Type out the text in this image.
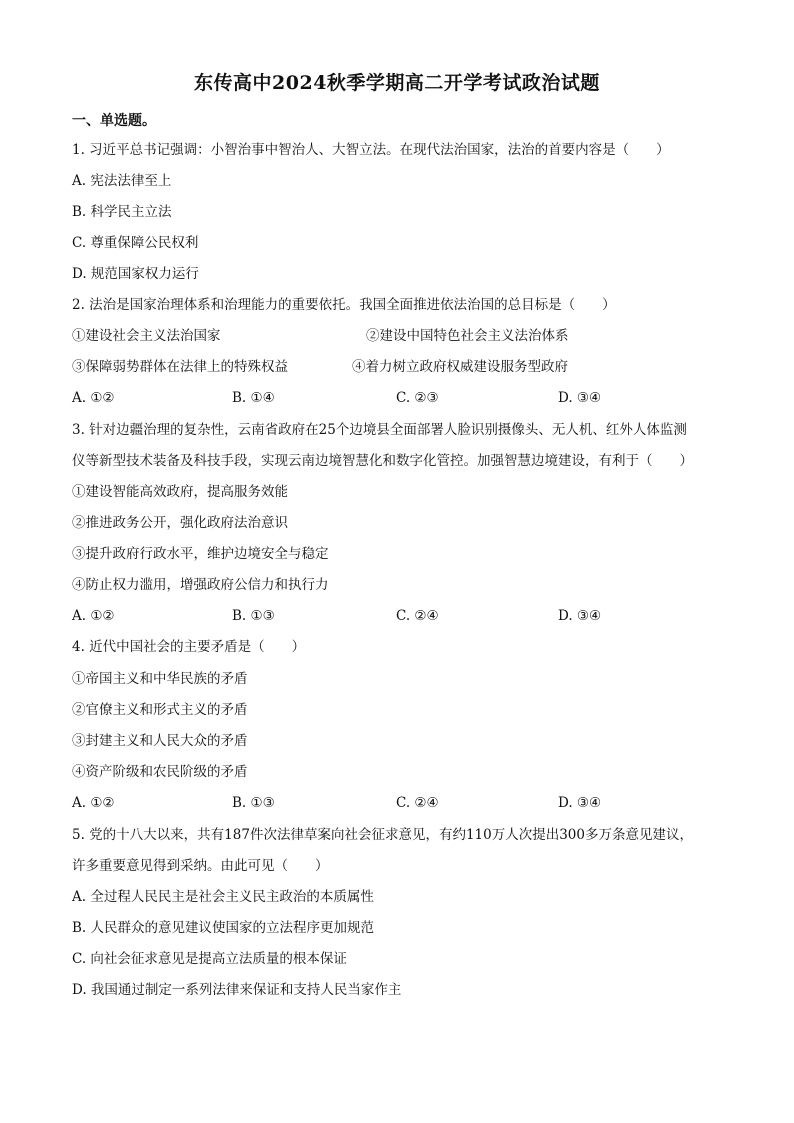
东传高中2024秋季学期高二开学考试政治试题
一、单选题。
1. 习近平总书记强调：小智治事中智治人、大智立法。在现代法治国家，法治的首要内容是（　　）
A. 宪法法律至上
B. 科学民主立法
C. 尊重保障公民权利
D. 规范国家权力运行
2. 法治是国家治理体系和治理能力的重要依托。我国全面推进依法治国的总目标是（　　）
①建设社会主义法治国家	②建设中国特色社会主义法治体系
③保障弱势群体在法律上的特殊权益	④着力树立政府权威建设服务型政府
A. ①②	B. ①④	C. ②③	D. ③④
3. 针对边疆治理的复杂性，云南省政府在25个边境县全面部署人脸识别摄像头、无人机、红外人体监测
仪等新型技术装备及科技手段，实现云南边境智慧化和数字化管控。加强智慧边境建设，有利于（　　）
①建设智能高效政府，提高服务效能
②推进政务公开，强化政府法治意识
③提升政府行政水平，维护边境安全与稳定
④防止权力滥用，增强政府公信力和执行力
A. ①②	B. ①③	C. ②④	D. ③④
4. 近代中国社会的主要矛盾是（　　）
①帝国主义和中华民族的矛盾
②官僚主义和形式主义的矛盾
③封建主义和人民大众的矛盾
④资产阶级和农民阶级的矛盾
A. ①②	B. ①③	C. ②④	D. ③④
5. 党的十八大以来，共有187件次法律草案向社会征求意见，有约110万人次提出300多万条意见建议，
许多重要意见得到采纳。由此可见（　　）
A. 全过程人民民主是社会主义民主政治的本质属性
B. 人民群众的意见建议使国家的立法程序更加规范
C. 向社会征求意见是提高立法质量的根本保证
D. 我国通过制定一系列法律来保证和支持人民当家作主
